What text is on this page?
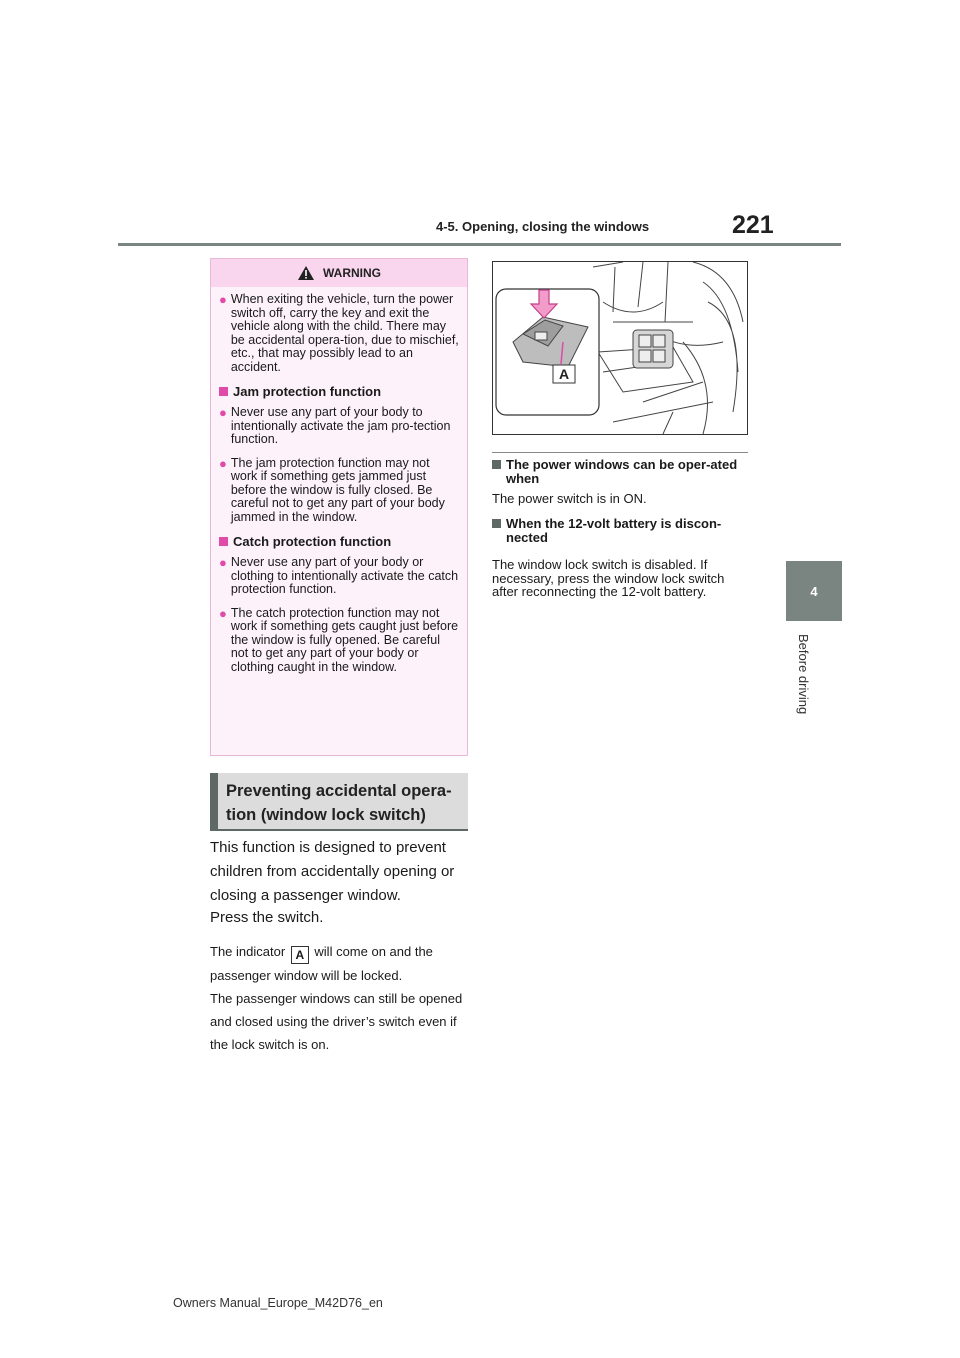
4-5. Opening, closing the windows	221
4
Before driving
WARNING
● When exiting the vehicle, turn the power switch off, carry the key and exit the vehicle along with the child. There may be accidental opera-tion, due to mischief, etc., that may possibly lead to an accident.
Jam protection function
● Never use any part of your body to intentionally activate the jam pro-tection function.
● The jam protection function may not work if something gets jammed just before the window is fully closed. Be careful not to get any part of your body jammed in the window.
Catch protection function
● Never use any part of your body or clothing to intentionally activate the catch protection function.
● The catch protection function may not work if something gets caught just before the window is fully opened. Be careful not to get any part of your body or clothing caught in the window.
Preventing accidental opera-
tion (window lock switch)

This function is designed to prevent children from accidentally opening or closing a passenger window.

Press the switch.

The indicator A will come on and the passenger window will be locked.

The passenger windows can still be opened and closed using the driver’s switch even if the lock switch is on.

A
The power windows can be oper-ated when

The power switch is in ON.

When the 12-volt battery is discon-nected

The window lock switch is disabled. If necessary, press the window lock switch after reconnecting the 12-volt battery.

Owners Manual_Europe_M42D76_en
